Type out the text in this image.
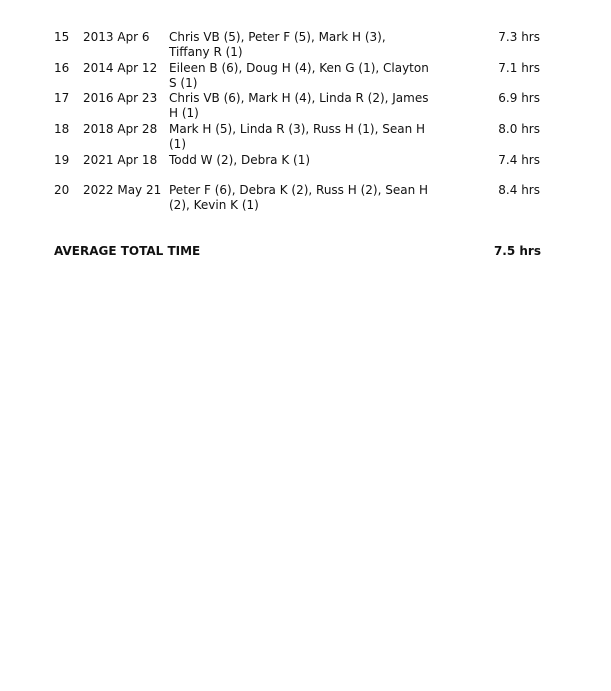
15 2013 Apr 6 Chris VB (5), Peter F (5), Mark H (3), Tiffany R (1)
7.3 hrs
16 2014 Apr 12 Eileen B (6), Doug H (4), Ken G (1), Clayton S (1)
7.1 hrs
17 2016 Apr 23 Chris VB (6), Mark H (4), Linda R (2), James H (1)
6.9 hrs
18 2018 Apr 28 Mark H (5), Linda R (3), Russ H (1), Sean H (1)
8.0 hrs
19 2021 Apr 18 Todd W (2), Debra K (1)	7.4 hrs
20 2022 May 21 Peter F (6), Debra K (2), Russ H (2), Sean H (2), Kevin K (1)
8.4 hrs
AVERAGE TOTAL TIME	7.5 hrs
